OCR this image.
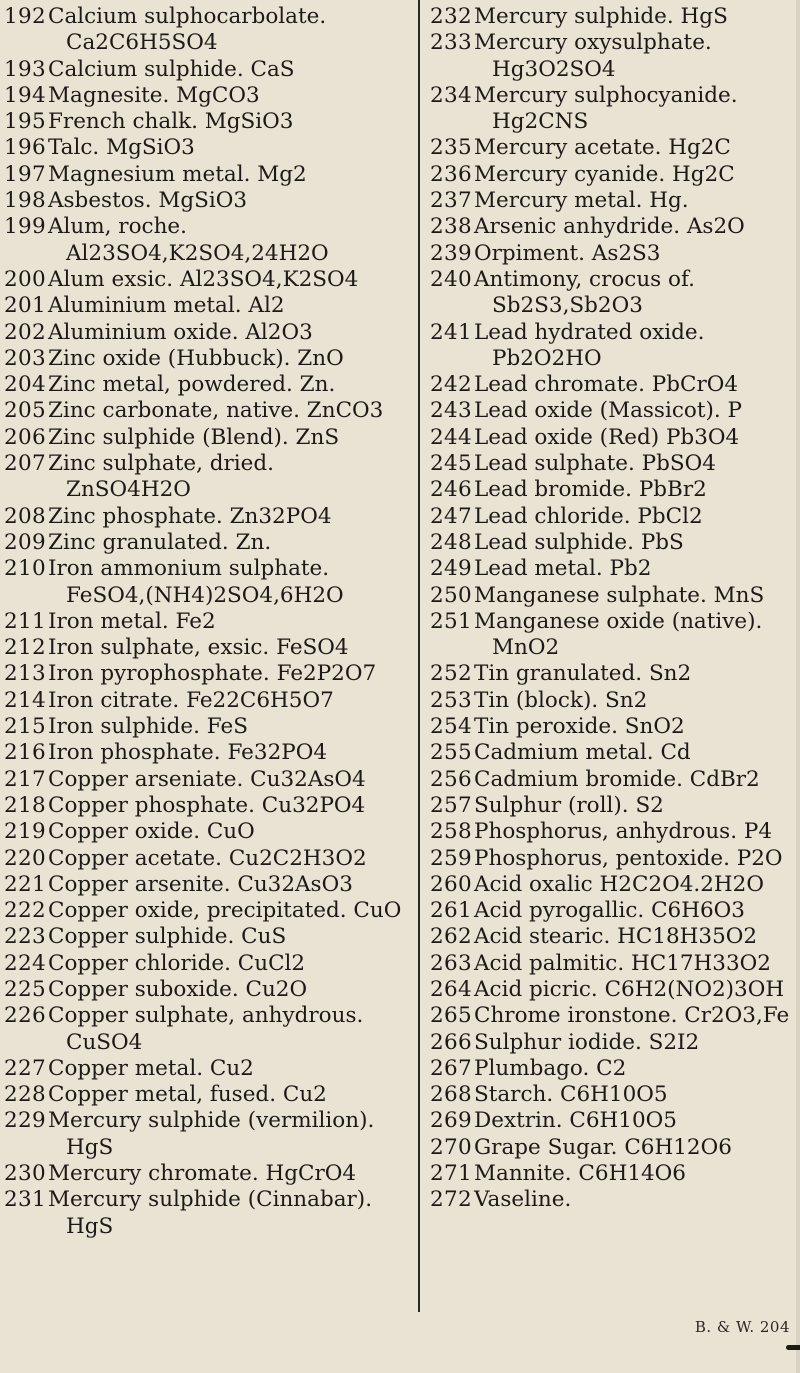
192 Calcium sulphocarbolate.
Ca2C6H5SO4
193 Calcium sulphide. CaS
194 Magnesite. MgCO3
195 French chalk. MgSiO3
196 Talc. MgSiO3
197 Magnesium metal. Mg2
198 Asbestos. MgSiO3
199 Alum, roche.
Al23SO4,K2SO4,24H2O
200 Alum exsic. Al23SO4,K2SO4
201 Aluminium metal. Al2
202 Aluminium oxide. Al2O3
203 Zinc oxide (Hubbuck). ZnO
204 Zinc metal, powdered. Zn.
205 Zinc carbonate, native. ZnCO3
206 Zinc sulphide (Blend). ZnS
207 Zinc sulphate, dried.
ZnSO4H2O
208 Zinc phosphate. Zn32PO4
209 Zinc granulated. Zn.
210 Iron ammonium sulphate.
FeSO4,(NH4)2SO4,6H2O
211 Iron metal. Fe2
212 Iron sulphate, exsic. FeSO4
213 Iron pyrophosphate. Fe2P2O7
214 Iron citrate. Fe22C6H5O7
215 Iron sulphide. FeS
216 Iron phosphate. Fe32PO4
217 Copper arseniate. Cu32AsO4
218 Copper phosphate. Cu32PO4
219 Copper oxide. CuO
220 Copper acetate. Cu2C2H3O2
221 Copper arsenite. Cu32AsO3
222 Copper oxide, precipitated. CuO
223 Copper sulphide. CuS
224 Copper chloride. CuCl2
225 Copper suboxide. Cu2O
226 Copper sulphate, anhydrous.
CuSO4
227 Copper metal. Cu2
228 Copper metal, fused. Cu2
229 Mercury sulphide (vermilion).
HgS
230 Mercury chromate. HgCrO4
231 Mercury sulphide (Cinnabar).
HgS
232 Mercury sulphide. HgS
233 Mercury oxysulphate.
Hg3O2SO4
234 Mercury sulphocyanide.
Hg2CNS
235 Mercury acetate. Hg2C
236 Mercury cyanide. Hg2C
237 Mercury metal. Hg.
238 Arsenic anhydride. As2O
239 Orpiment. As2S3
240 Antimony, crocus of.
Sb2S3,Sb2O3
241 Lead hydrated oxide.
Pb2O2HO
242 Lead chromate. PbCrO4
243 Lead oxide (Massicot). P
244 Lead oxide (Red) Pb3O4
245 Lead sulphate. PbSO4
246 Lead bromide. PbBr2
247 Lead chloride. PbCl2
248 Lead sulphide. PbS
249 Lead metal. Pb2
250 Manganese sulphate. MnS
251 Manganese oxide (native).
MnO2
252 Tin granulated. Sn2
253 Tin (block). Sn2
254 Tin peroxide. SnO2
255 Cadmium metal. Cd
256 Cadmium bromide. CdBr2
257 Sulphur (roll). S2
258 Phosphorus, anhydrous. P4
259 Phosphorus, pentoxide. P2O
260 Acid oxalic H2C2O4.2H2O
261 Acid pyrogallic. C6H6O3
262 Acid stearic. HC18H35O2
263 Acid palmitic. HC17H33O2
264 Acid picric. C6H2(NO2)3OH
265 Chrome ironstone. Cr2O3,Fe
266 Sulphur iodide. S2I2
267 Plumbago. C2
268 Starch. C6H10O5
269 Dextrin. C6H10O5
270 Grape Sugar. C6H12O6
271 Mannite. C6H14O6
272 Vaseline.
B. & W. 204
